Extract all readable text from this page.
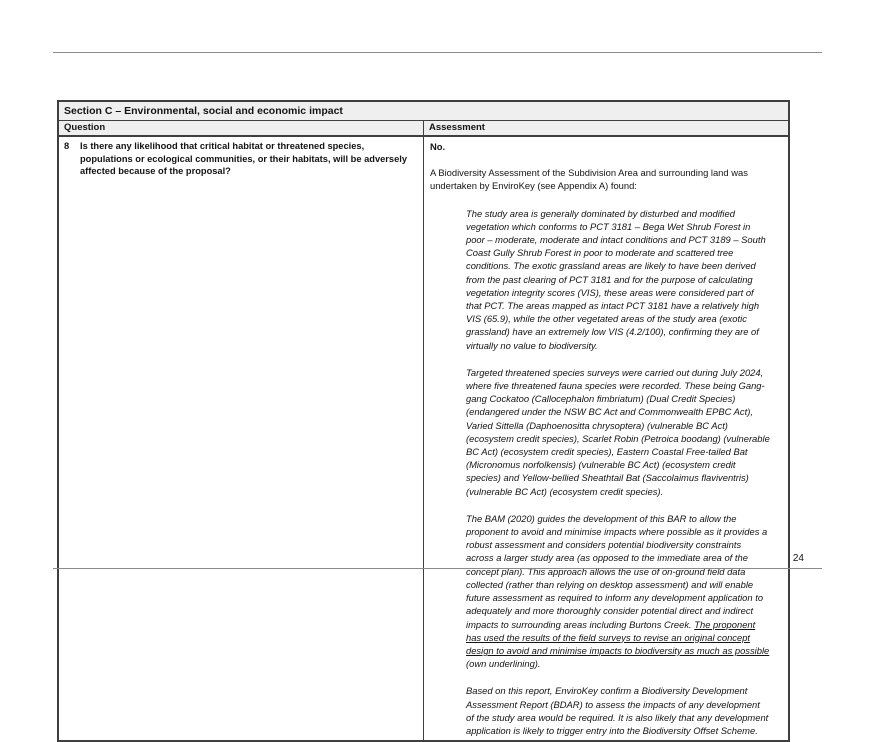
Section C – Environmental, social and economic impact	
Question	Assessment

8	Is there any likelihood that critical habitat or threatened species, populations or ecological communities, or their habitats, will be adversely affected because of the proposal?

No.
A Biodiversity Assessment of the Subdivision Area and surrounding land was undertaken by EnviroKey (see Appendix A) found:
The study area is generally dominated by disturbed and modified vegetation which conforms to PCT 3181 – Bega Wet Shrub Forest in poor – moderate, moderate and intact conditions and PCT 3189 – South Coast Gully Shrub Forest in poor to moderate and scattered tree conditions. The exotic grassland areas are likely to have been derived from the past clearing of PCT 3181 and for the purpose of calculating vegetation integrity scores (VIS), these areas were considered part of that PCT. The areas mapped as intact PCT 3181 have a relatively high VIS (65.9), while the other vegetated areas of the study area (exotic grassland) have an extremely low VIS (4.2/100), confirming they are of virtually no value to biodiversity.
Targeted threatened species surveys were carried out during July 2024, where five threatened fauna species were recorded. These being Gang-gang Cockatoo (Callocephalon fimbriatum) (Dual Credit Species) (endangered under the NSW BC Act and Commonwealth EPBC Act), Varied Sittella (Daphoenositta chrysoptera) (vulnerable BC Act) (ecosystem credit species), Scarlet Robin (Petroica boodang) (vulnerable BC Act) (ecosystem credit species), Eastern Coastal Free-tailed Bat (Micronomus norfolkensis) (vulnerable BC Act) (ecosystem credit species) and Yellow-bellied Sheathtail Bat (Saccolaimus flaviventris) (vulnerable BC Act) (ecosystem credit species).
The BAM (2020) guides the development of this BAR to allow the proponent to avoid and minimise impacts where possible as it provides a robust assessment and considers potential biodiversity constraints across a larger study area (as opposed to the immediate area of the concept plan). This approach allows the use of on-ground field data collected (rather than relying on desktop assessment) and will enable future assessment as required to inform any development application to adequately and more thoroughly consider potential direct and indirect impacts to surrounding areas including Burtons Creek. The proponent has used the results of the field surveys to revise an original concept design to avoid and minimise impacts to biodiversity as much as possible (own underlining).
Based on this report, EnviroKey confirm a Biodiversity Development Assessment Report (BDAR) to assess the impacts of any development of the study area would be required. It is also likely that any development application is likely to trigger entry into the Biodiversity Offset Scheme.
24
